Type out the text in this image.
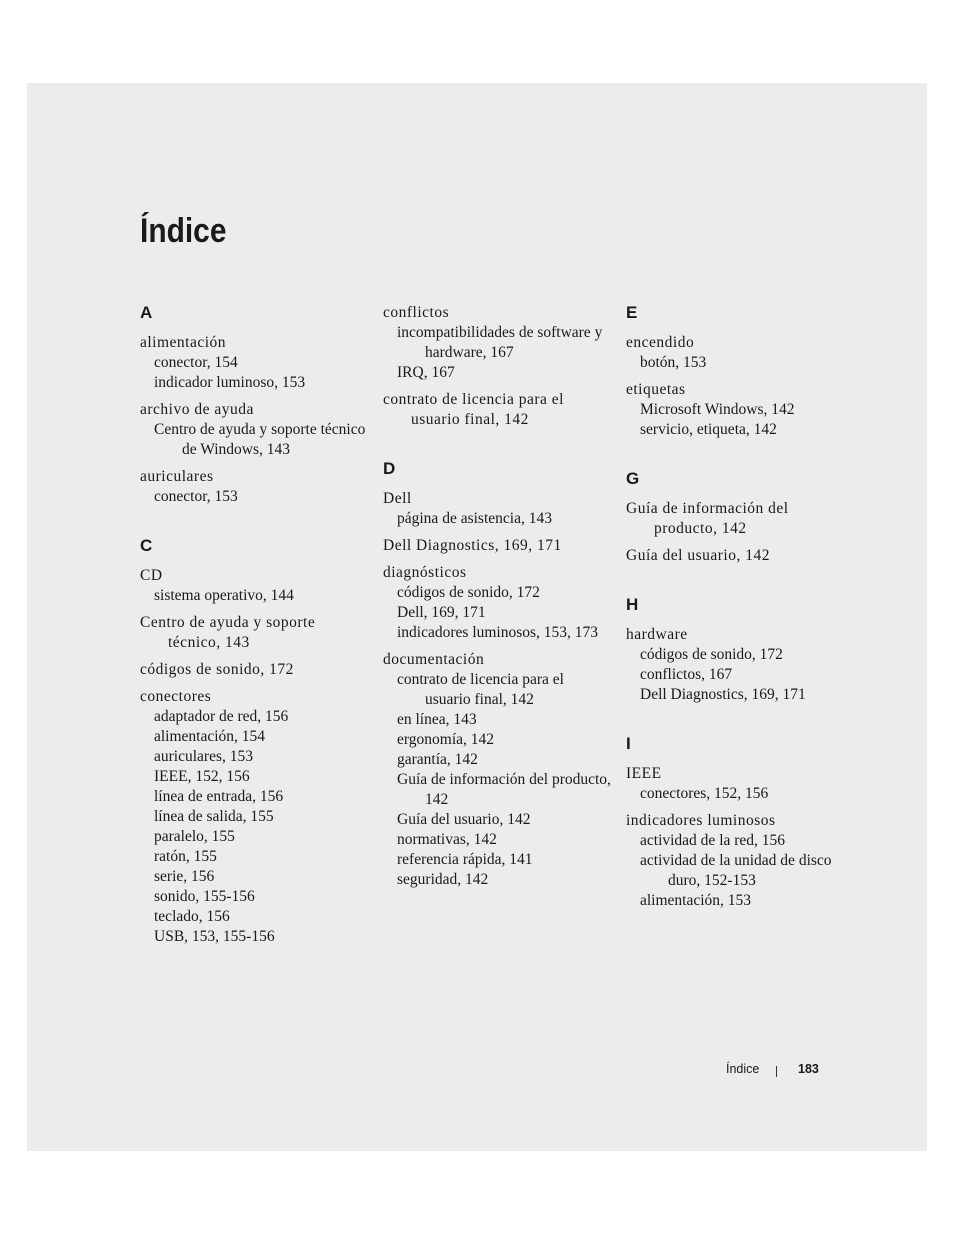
Índice
A
alimentación
conector, 154
indicador luminoso, 153
archivo de ayuda
Centro de ayuda y soporte técnico de Windows, 143
auriculares
conector, 153
C
CD
sistema operativo, 144
Centro de ayuda y soporte técnico, 143
códigos de sonido, 172
conectores
adaptador de red, 156
alimentación, 154
auriculares, 153
IEEE, 152, 156
línea de entrada, 156
línea de salida, 155
paralelo, 155
ratón, 155
serie, 156
sonido, 155-156
teclado, 156
USB, 153, 155-156
conflictos
incompatibilidades de software y hardware, 167
IRQ, 167
contrato de licencia para el usuario final, 142
D
Dell
página de asistencia, 143
Dell Diagnostics, 169, 171
diagnósticos
códigos de sonido, 172
Dell, 169, 171
indicadores luminosos, 153, 173
documentación
contrato de licencia para el usuario final, 142
en línea, 143
ergonomía, 142
garantía, 142
Guía de información del producto, 142
Guía del usuario, 142
normativas, 142
referencia rápida, 141
seguridad, 142
E
encendido
botón, 153
etiquetas
Microsoft Windows, 142
servicio, etiqueta, 142
G
Guía de información del producto, 142
Guía del usuario, 142
H
hardware
códigos de sonido, 172
conflictos, 167
Dell Diagnostics, 169, 171
I
IEEE
conectores, 152, 156
indicadores luminosos
actividad de la red, 156
actividad de la unidad de disco duro, 152-153
alimentación, 153
Índice	183
